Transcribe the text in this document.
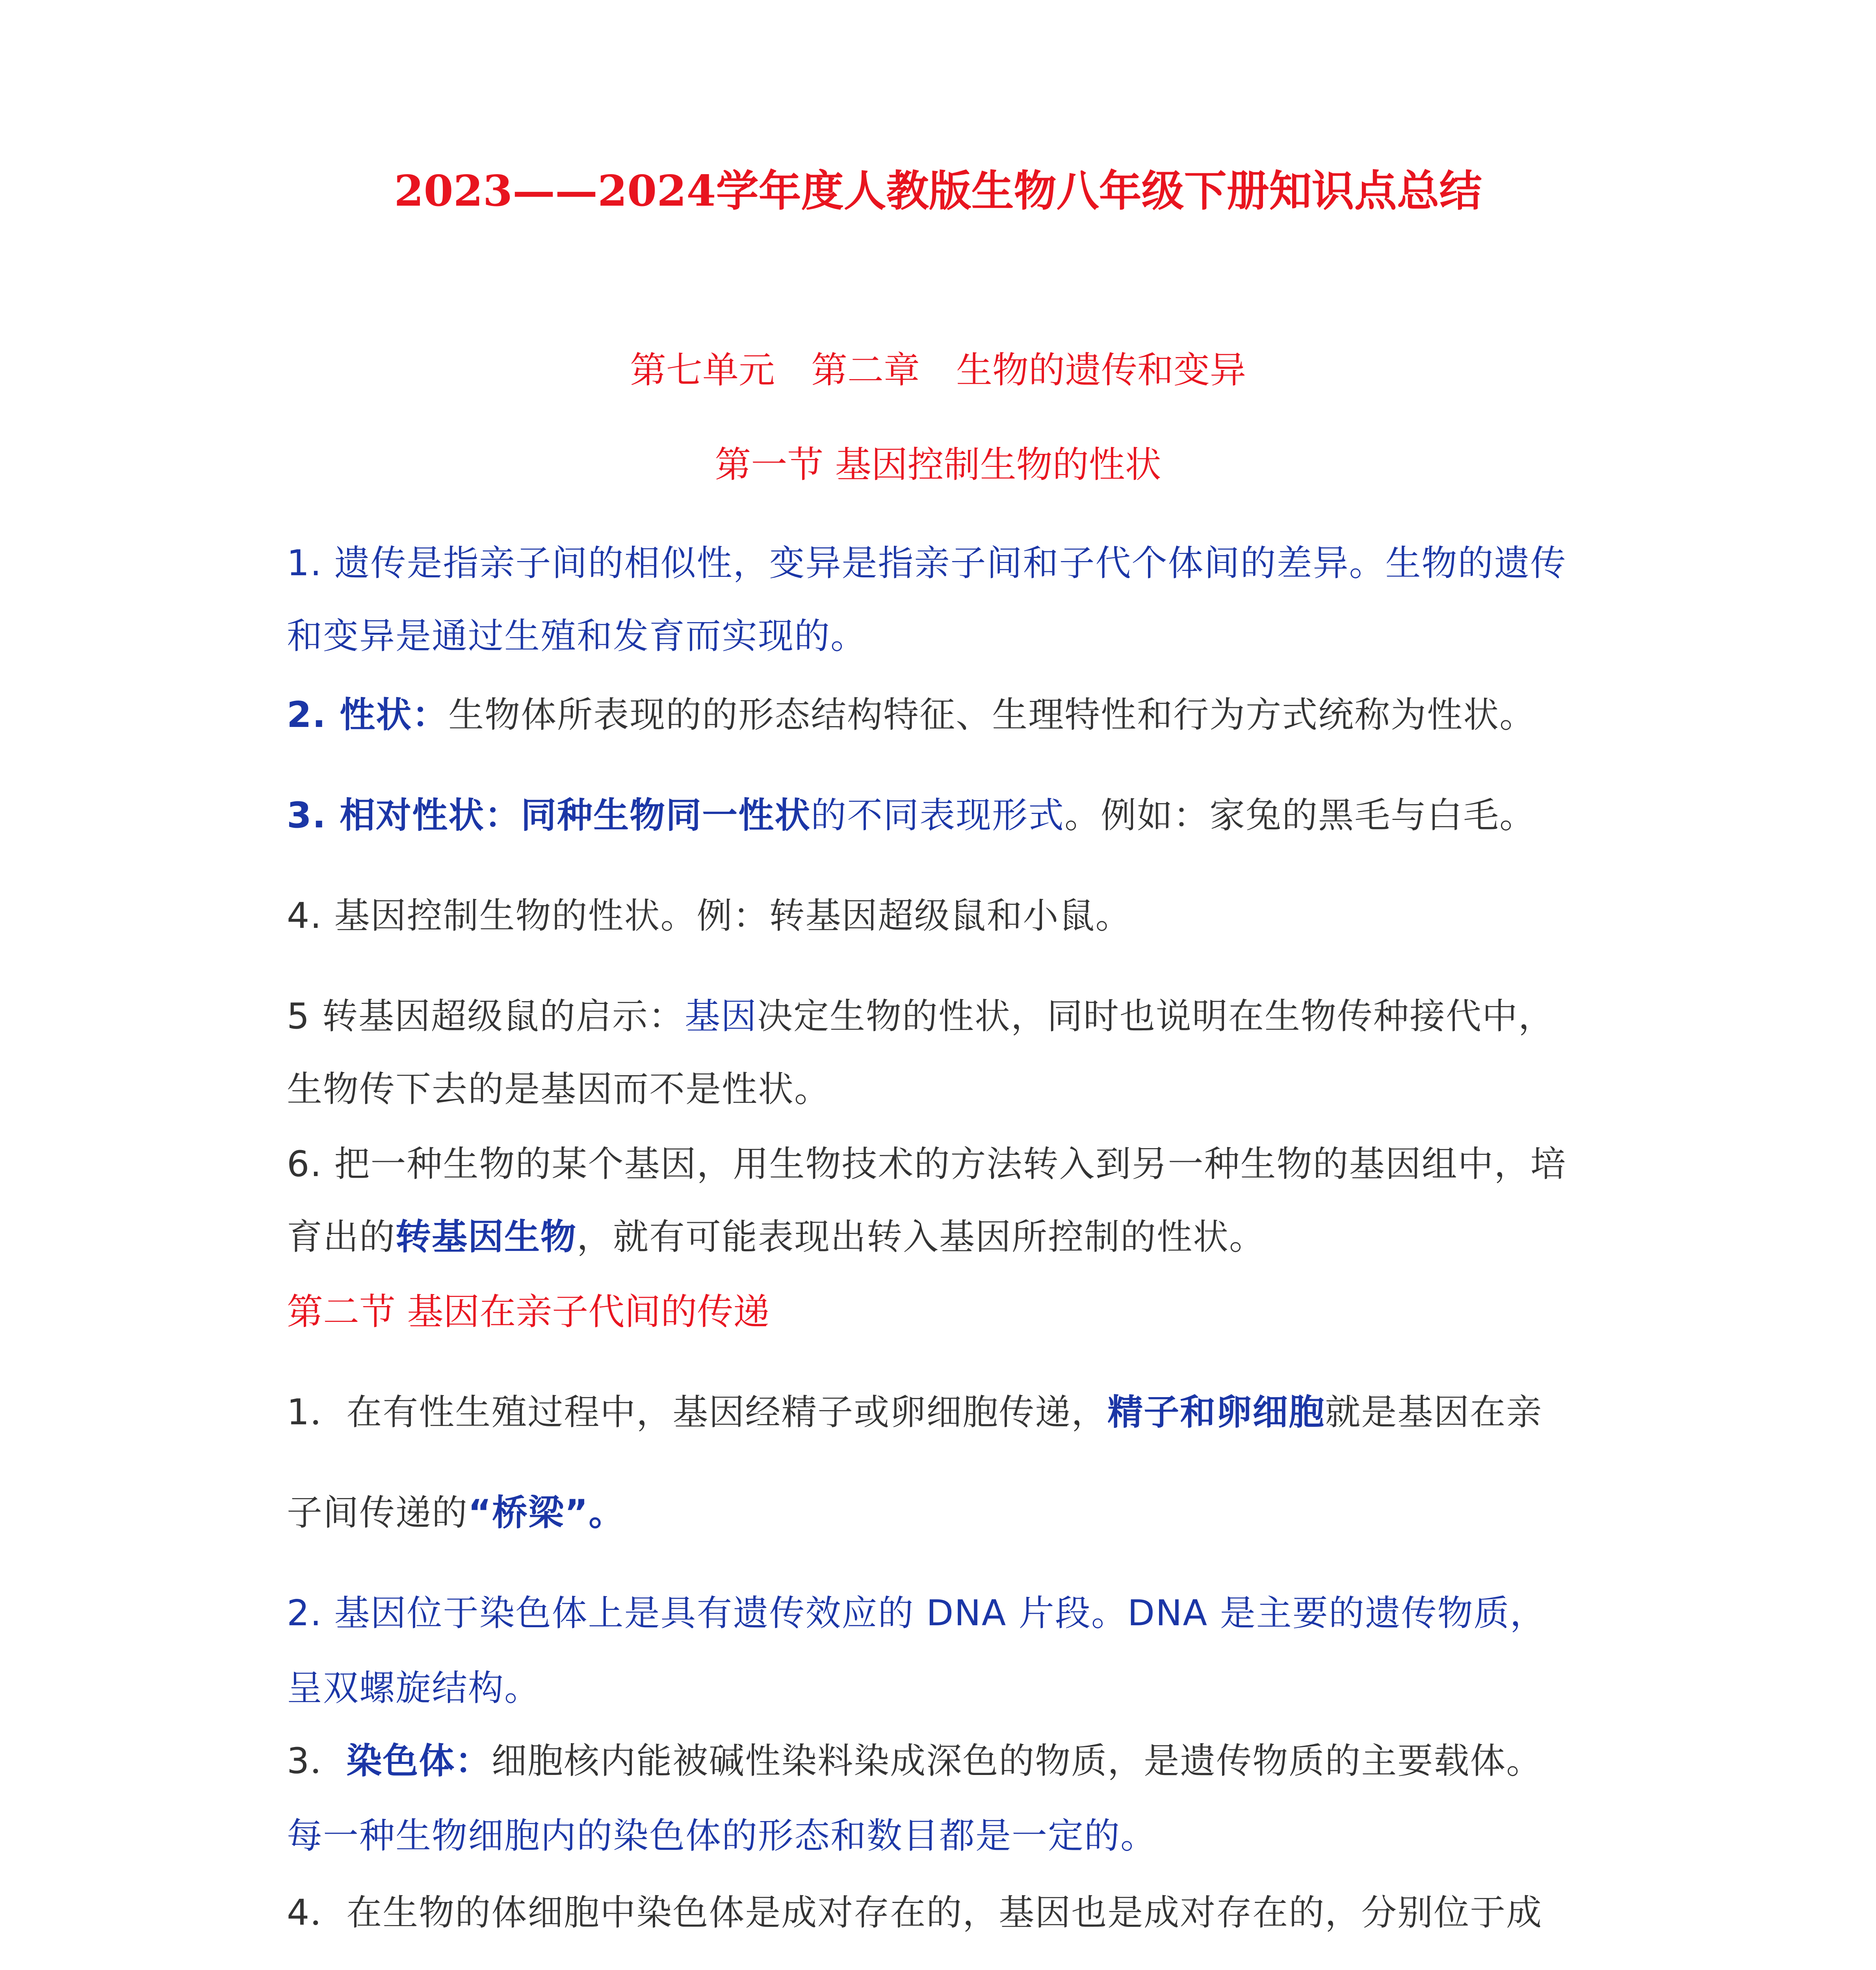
2023——2024学年度人教版生物八年级下册知识点总结
第七单元　第二章　生物的遗传和变异
第一节 基因控制生物的性状
1. 遗传是指亲子间的相似性，变异是指亲子间和子代个体间的差异。生物的遗传
和变异是通过生殖和发育而实现的。
2. 性状：生物体所表现的的形态结构特征、生理特性和行为方式统称为性状。
3. 相对性状：同种生物同一性状的不同表现形式。例如：家兔的黑毛与白毛。
4. 基因控制生物的性状。例：转基因超级鼠和小鼠。
5 转基因超级鼠的启示：基因决定生物的性状，同时也说明在生物传种接代中，
生物传下去的是基因而不是性状。
6. 把一种生物的某个基因，用生物技术的方法转入到另一种生物的基因组中，培
育出的转基因生物，就有可能表现出转入基因所控制的性状。
第二节 基因在亲子代间的传递
1．在有性生殖过程中，基因经精子或卵细胞传递，精子和卵细胞就是基因在亲
子间传递的“桥梁”。
2. 基因位于染色体上是具有遗传效应的 DNA 片段。DNA 是主要的遗传物质，
呈双螺旋结构。
3．染色体：细胞核内能被碱性染料染成深色的物质，是遗传物质的主要载体。
每一种生物细胞内的染色体的形态和数目都是一定的。
4．在生物的体细胞中染色体是成对存在的，基因也是成对存在的，分别位于成
